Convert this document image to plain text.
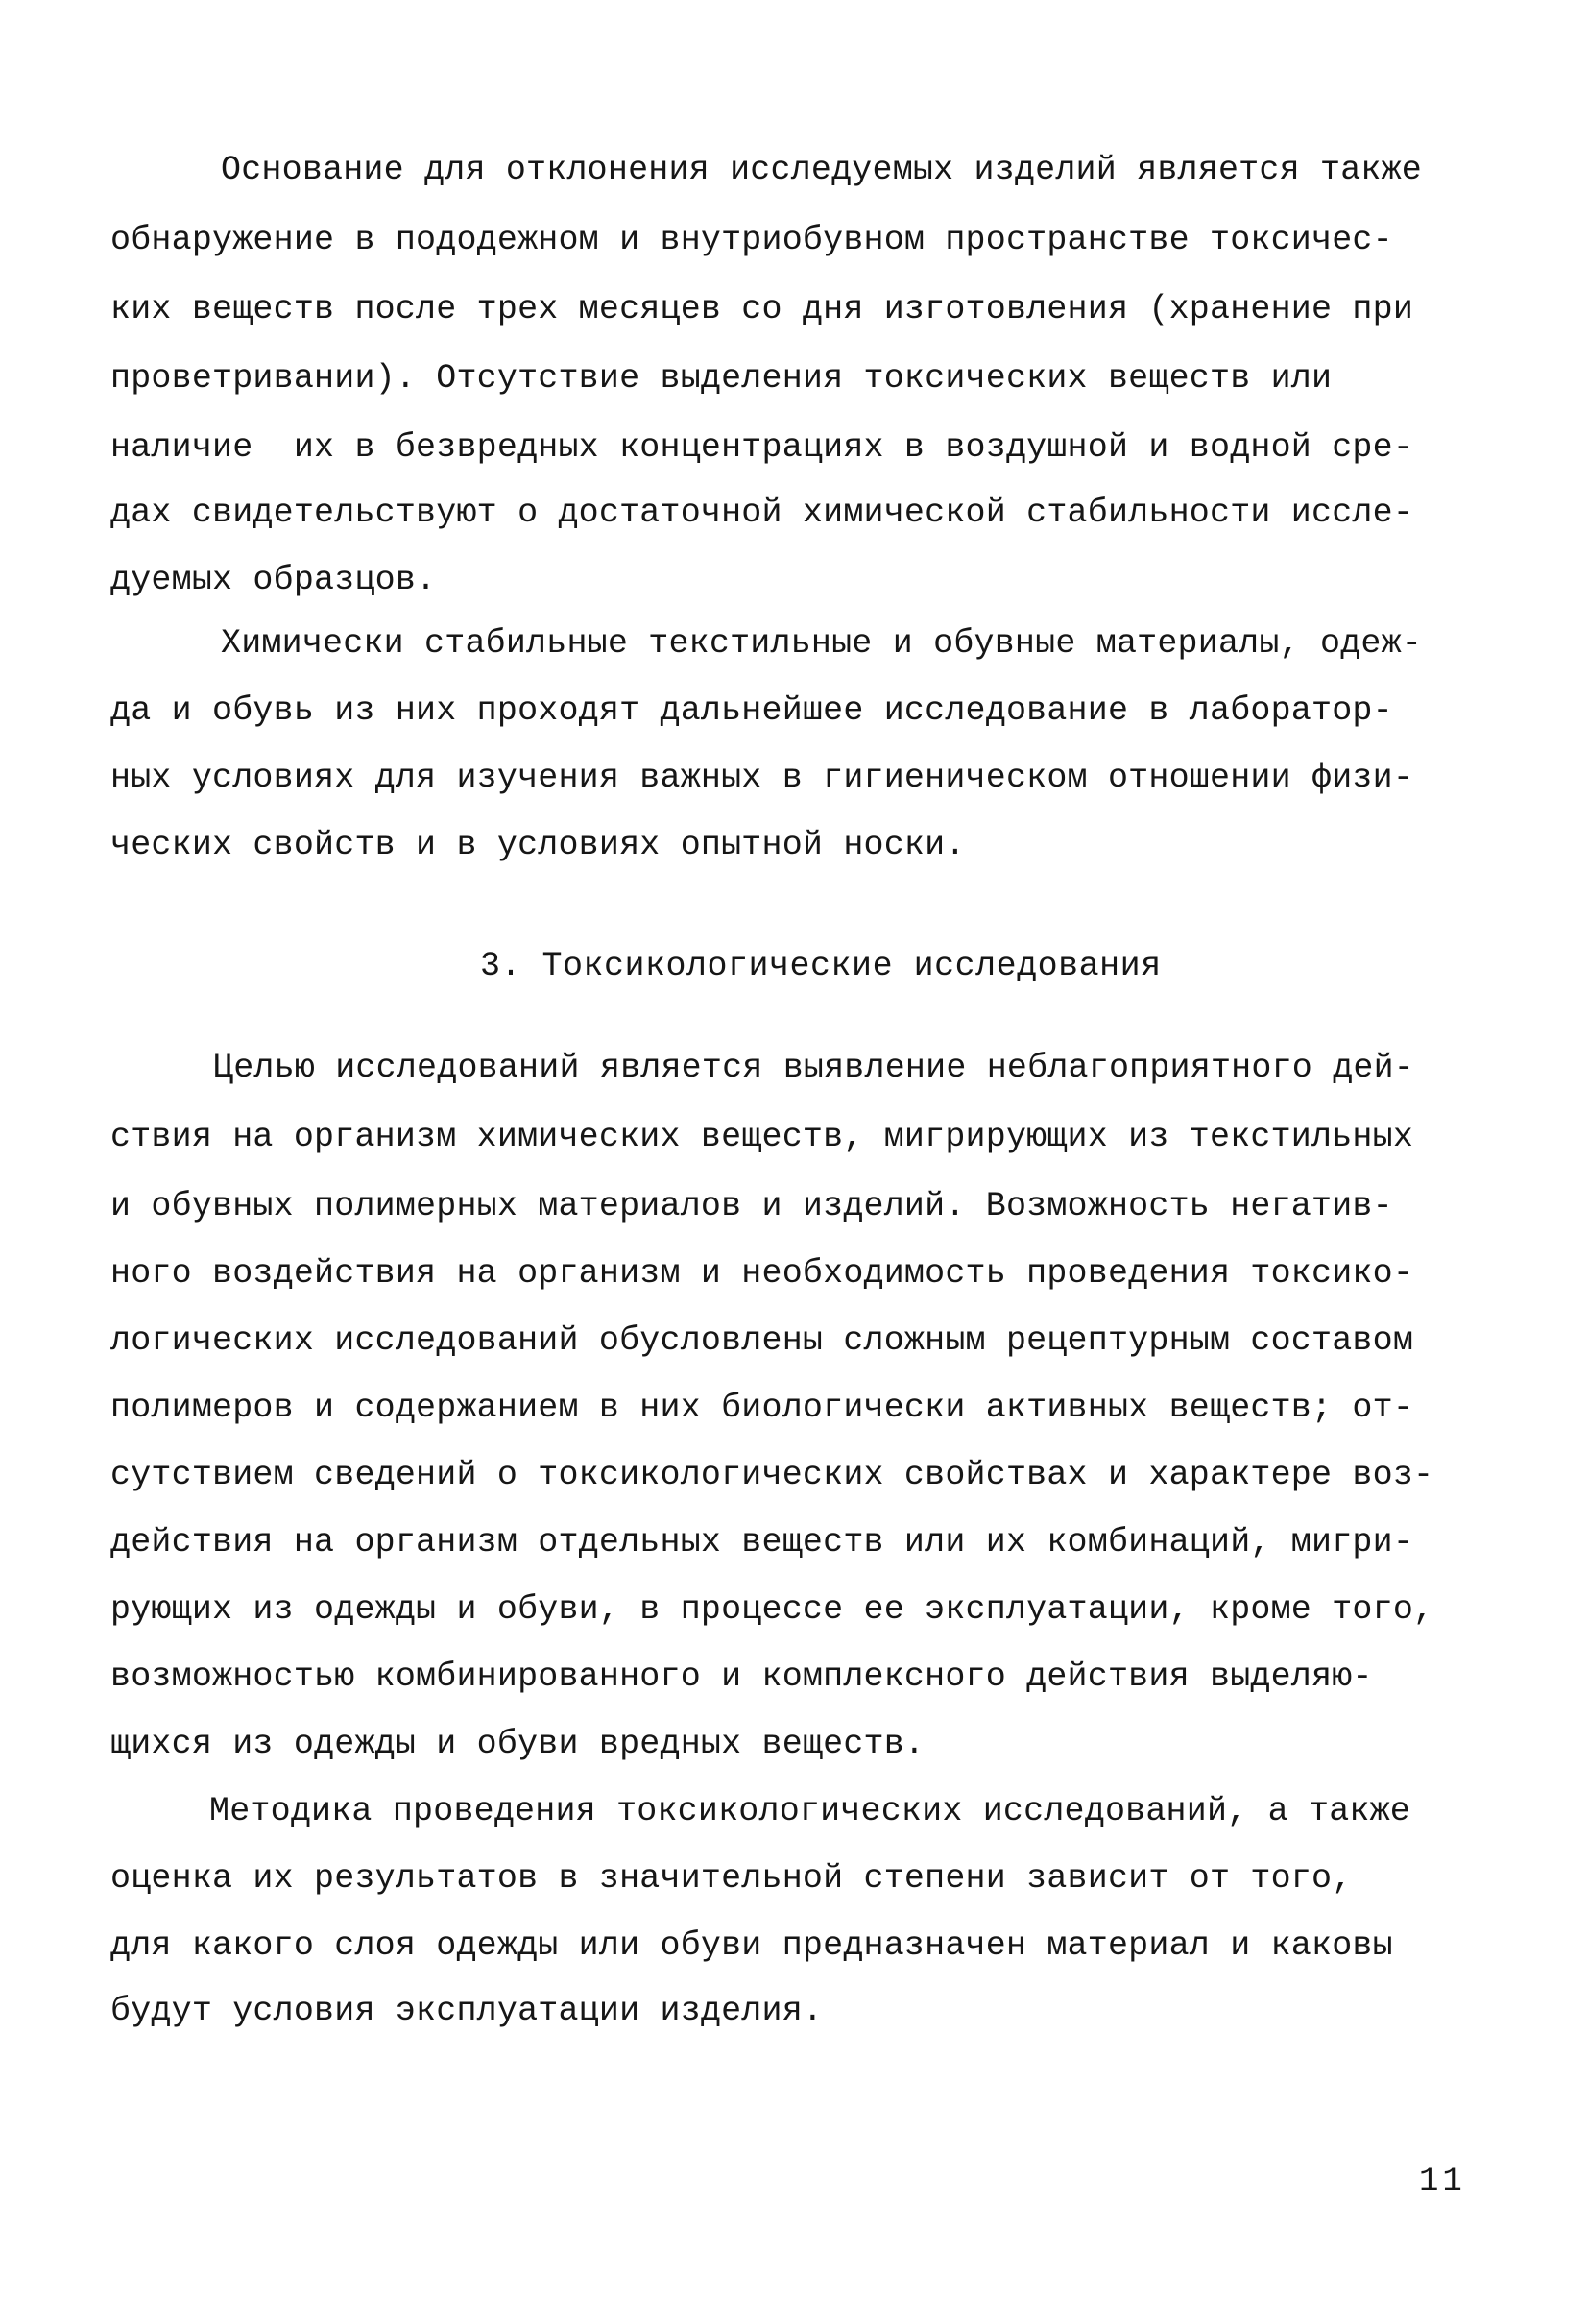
Основание для отклонения исследуемых изделий является также
обнаружение в пододежном и внутриобувном пространстве токсичес-
ких веществ после трех месяцев со дня изготовления (хранение при
проветривании). Отсутствие выделения токсических веществ или
наличие  их в безвредных концентрациях в воздушной и водной сре-
дах свидетельствуют о достаточной химической стабильности иссле-
дуемых образцов.
Химически стабильные текстильные и обувные материалы, одеж-
да и обувь из них проходят дальнейшее исследование в лаборатор-
ных условиях для изучения важных в гигиеническом отношении физи-
ческих свойств и в условиях опытной носки.
3. Токсикологические исследования
Целью исследований является выявление неблагоприятного дей-
ствия на организм химических веществ, мигрирующих из текстильных
и обувных полимерных материалов и изделий. Возможность негатив-
ного воздействия на организм и необходимость проведения токсико-
логических исследований обусловлены сложным рецептурным составом
полимеров и содержанием в них биологически активных веществ; от-
сутствием сведений о токсикологических свойствах и характере воз-
действия на организм отдельных веществ или их комбинаций, мигри-
рующих из одежды и обуви, в процессе ее эксплуатации, кроме того,
возможностью комбинированного и комплексного действия выделяю-
щихся из одежды и обуви вредных веществ.
Методика проведения токсикологических исследований, а также
оценка их результатов в значительной степени зависит от того,
для какого слоя одежды или обуви предназначен материал и каковы
будут условия эксплуатации изделия.
11
